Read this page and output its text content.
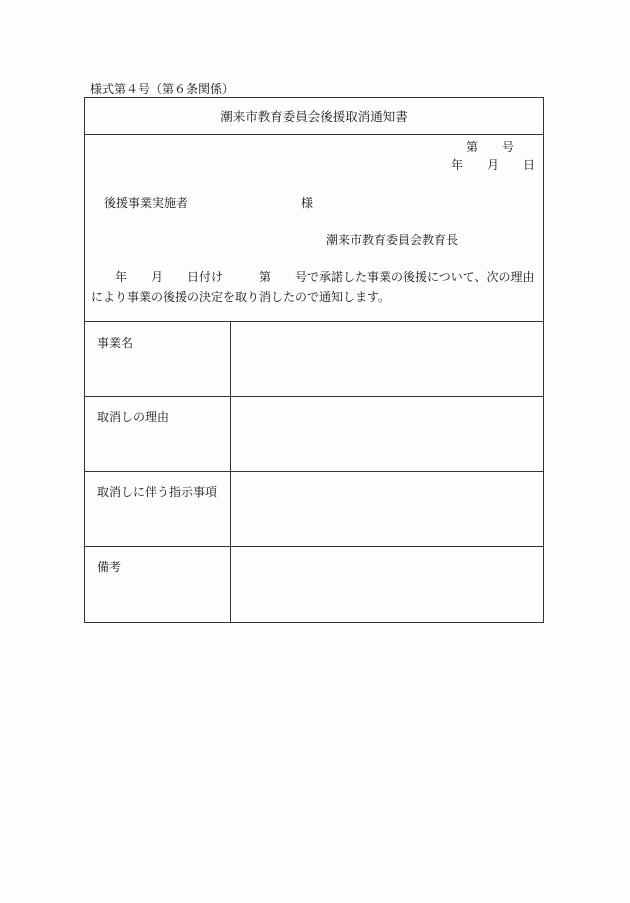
様式第４号（第６条関係）
潮来市教育委員会後援取消通知書
第　　号
年　　月　　日
後援事業実施者	様
潮来市教育委員会教育長
　　年　　月　　日付け　　　第　　号で承諾した事業の後援について、次の理由
により事業の後援の決定を取り消したので通知します。
事業名
取消しの理由
取消しに伴う指示事項
備考
